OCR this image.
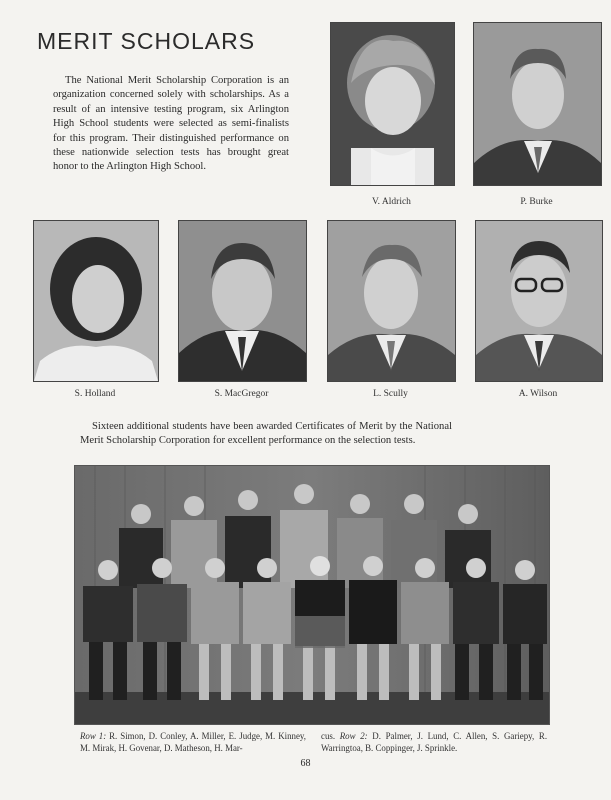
MERIT SCHOLARS

The National Merit Scholarship Corporation is an organization concerned solely with scholarships. As a result of an intensive testing program, six Arlington High School students were selected as semi-finalists for this program. Their distinguished performance on these nationwide selection tests has brought great honor to the Arlington High School.

V. Aldrich	P. Burke
S. Holland	S. MacGregor	L. Scully	A. Wilson

Sixteen additional students have been awarded Certificates of Merit by the National Merit Scholarship Corporation for excellent performance on the selection tests.

Row 1: R. Simon, D. Conley, A. Miller, E. Judge, M. Kinney, M. Mirak, H. Govenar, D. Matheson, H. Mar-
cus. Row 2: D. Palmer, J. Lund, C. Allen, S. Gariepy, R. Warringtoa, B. Coppinger, J. Sprinkle.
68
